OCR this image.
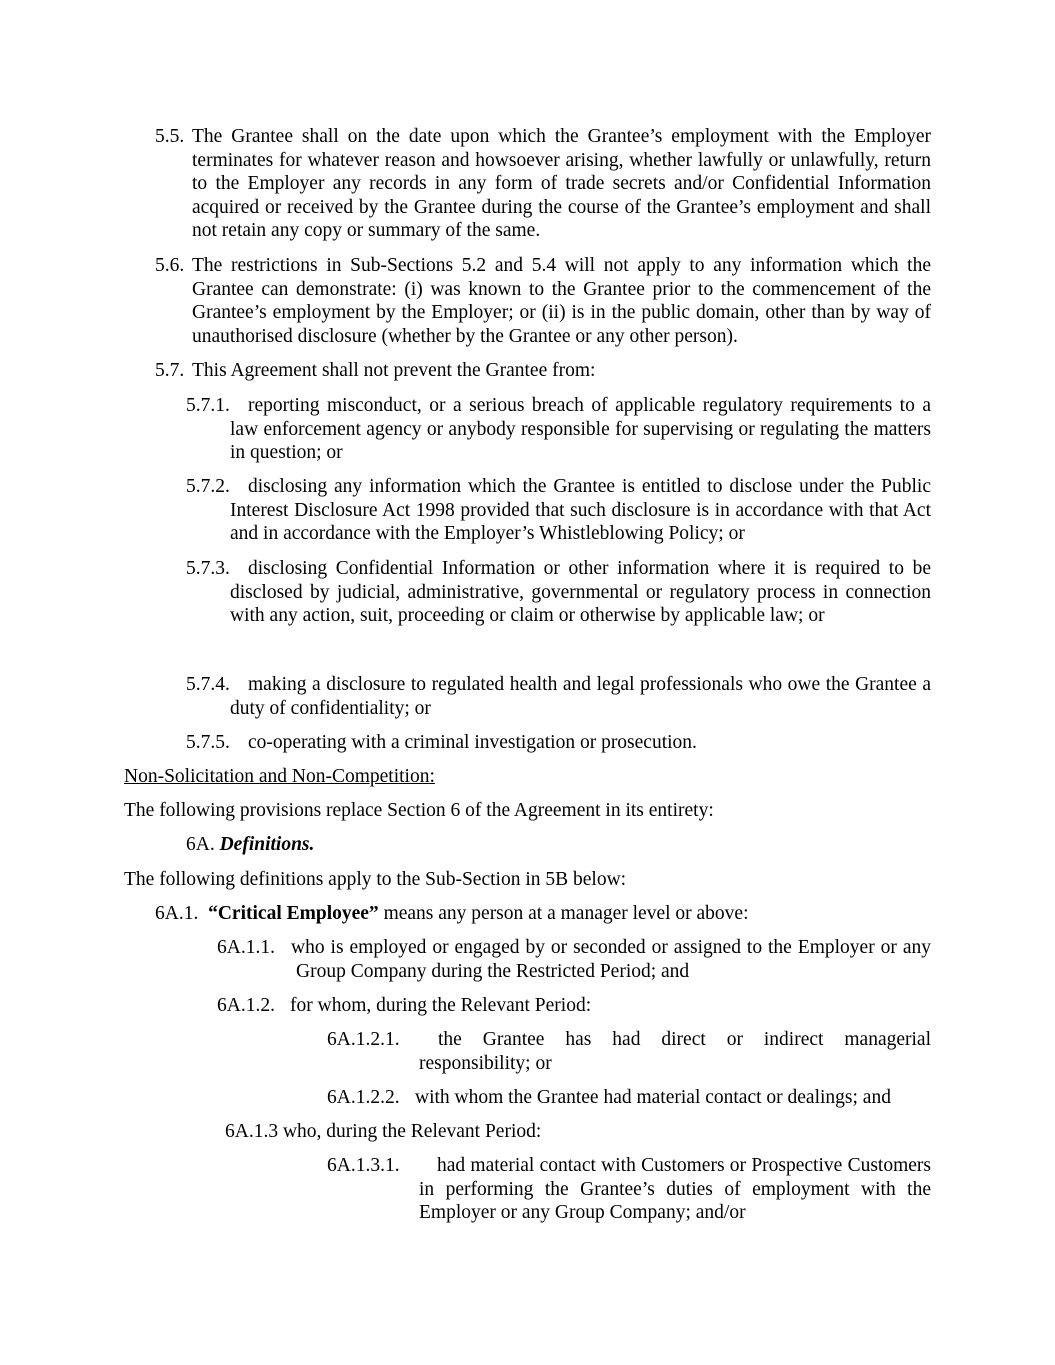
5.5. The Grantee shall on the date upon which the Grantee’s employment with the Employer terminates for whatever reason and howsoever arising, whether lawfully or unlawfully, return to the Employer any records in any form of trade secrets and/or Confidential Information acquired or received by the Grantee during the course of the Grantee’s employment and shall not retain any copy or summary of the same.
5.6. The restrictions in Sub-Sections 5.2 and 5.4 will not apply to any information which the Grantee can demonstrate: (i) was known to the Grantee prior to the commencement of the Grantee’s employment by the Employer; or (ii) is in the public domain, other than by way of unauthorised disclosure (whether by the Grantee or any other person).
5.7. This Agreement shall not prevent the Grantee from:
5.7.1. reporting misconduct, or a serious breach of applicable regulatory requirements to a law enforcement agency or anybody responsible for supervising or regulating the matters in question; or
5.7.2. disclosing any information which the Grantee is entitled to disclose under the Public Interest Disclosure Act 1998 provided that such disclosure is in accordance with that Act and in accordance with the Employer’s Whistleblowing Policy; or
5.7.3. disclosing Confidential Information or other information where it is required to be disclosed by judicial, administrative, governmental or regulatory process in connection with any action, suit, proceeding or claim or otherwise by applicable law; or
5.7.4. making a disclosure to regulated health and legal professionals who owe the Grantee a duty of confidentiality; or
5.7.5. co-operating with a criminal investigation or prosecution.
Non-Solicitation and Non-Competition:
The following provisions replace Section 6 of the Agreement in its entirety:
6A. Definitions.
The following definitions apply to the Sub-Section in 5B below:
6A.1. “Critical Employee” means any person at a manager level or above:
6A.1.1. who is employed or engaged by or seconded or assigned to the Employer or any Group Company during the Restricted Period; and
6A.1.2. for whom, during the Relevant Period:
6A.1.2.1.	the Grantee has had direct or indirect managerial responsibility; or
6A.1.2.2. with whom the Grantee had material contact or dealings; and
6A.1.3 who, during the Relevant Period:
6A.1.3.1.	had material contact with Customers or Prospective Customers in performing the Grantee’s duties of employment with the Employer or any Group Company; and/or
